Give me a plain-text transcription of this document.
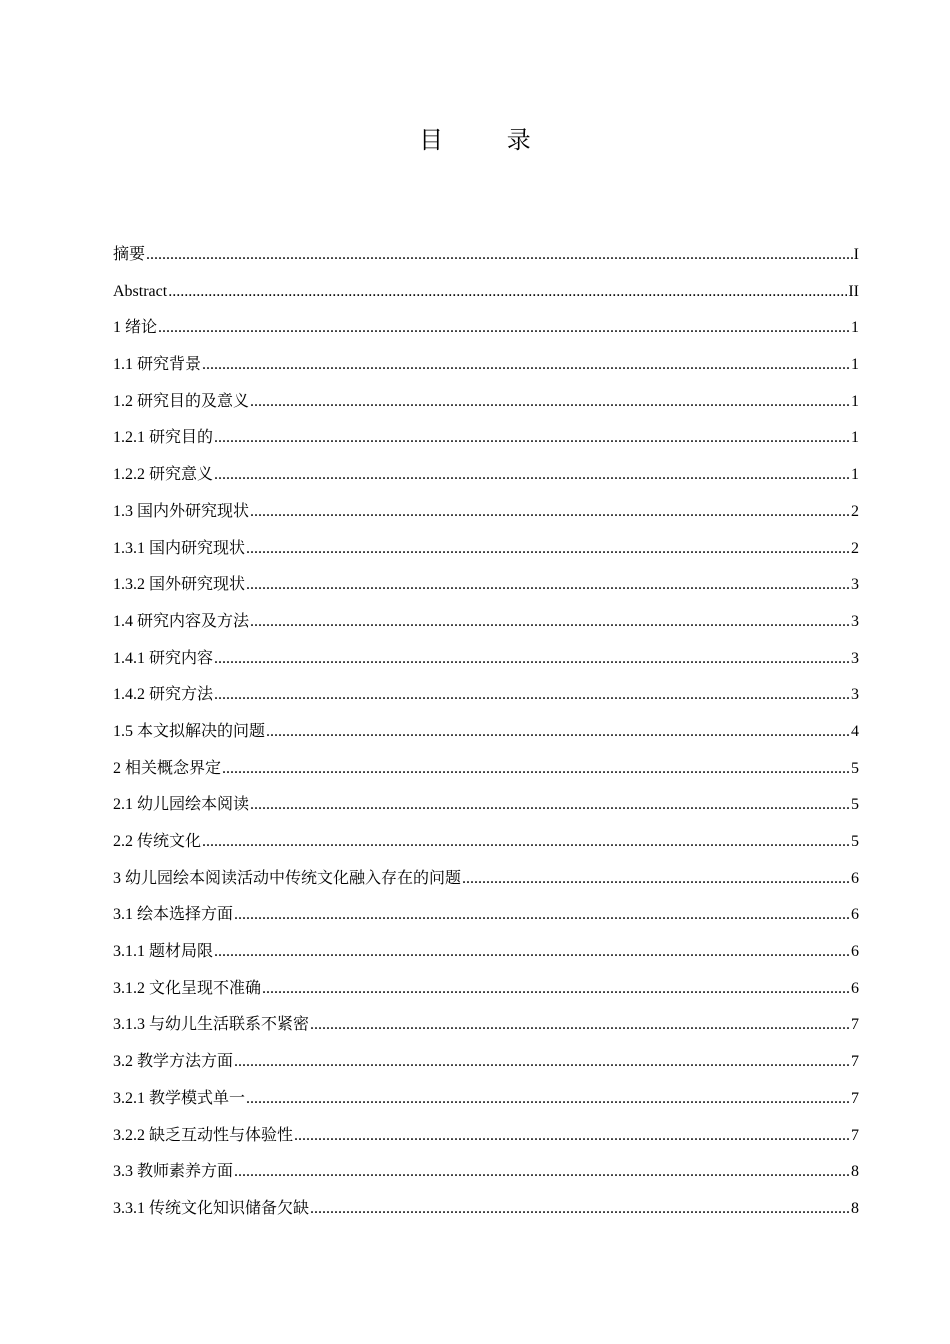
目 录
摘要 .....	I
Abstract .....	II
1 绪论 .....	1
1.1 研究背景 .....	1
1.2 研究目的及意义 .....	1
1.2.1 研究目的 .....	1
1.2.2 研究意义 .....	1
1.3 国内外研究现状 .....	2
1.3.1 国内研究现状 .....	2
1.3.2 国外研究现状 .....	3
1.4 研究内容及方法 .....	3
1.4.1 研究内容 .....	3
1.4.2 研究方法 .....	3
1.5 本文拟解决的问题 .....	4
2 相关概念界定 .....	5
2.1 幼儿园绘本阅读 .....	5
2.2 传统文化 .....	5
3 幼儿园绘本阅读活动中传统文化融入存在的问题 .....	6
3.1 绘本选择方面 .....	6
3.1.1 题材局限 .....	6
3.1.2 文化呈现不准确 .....	6
3.1.3 与幼儿生活联系不紧密 .....	7
3.2 教学方法方面 .....	7
3.2.1 教学模式单一 .....	7
3.2.2 缺乏互动性与体验性 .....	7
3.3 教师素养方面 .....	8
3.3.1 传统文化知识储备欠缺 .....	8
